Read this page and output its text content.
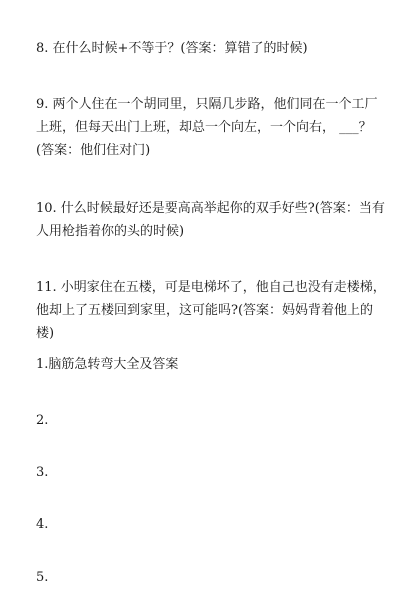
8. 在什么时候+不等于？(答案：算错了的时候)

9. 两个人住在一个胡同里，只隔几步路，他们同在一个工厂上班，但每天出门上班，却总一个向左，一个向右， ___？(答案：他们住对门)

10. 什么时候最好还是要高高举起你的双手好些?(答案：当有人用枪指着你的头的时候)

11. 小明家住在五楼，可是电梯坏了，他自己也没有走楼梯，他却上了五楼回到家里，这可能吗?(答案：妈妈背着他上的楼)

1.脑筋急转弯大全及答案

2.

3.

4.

5.
